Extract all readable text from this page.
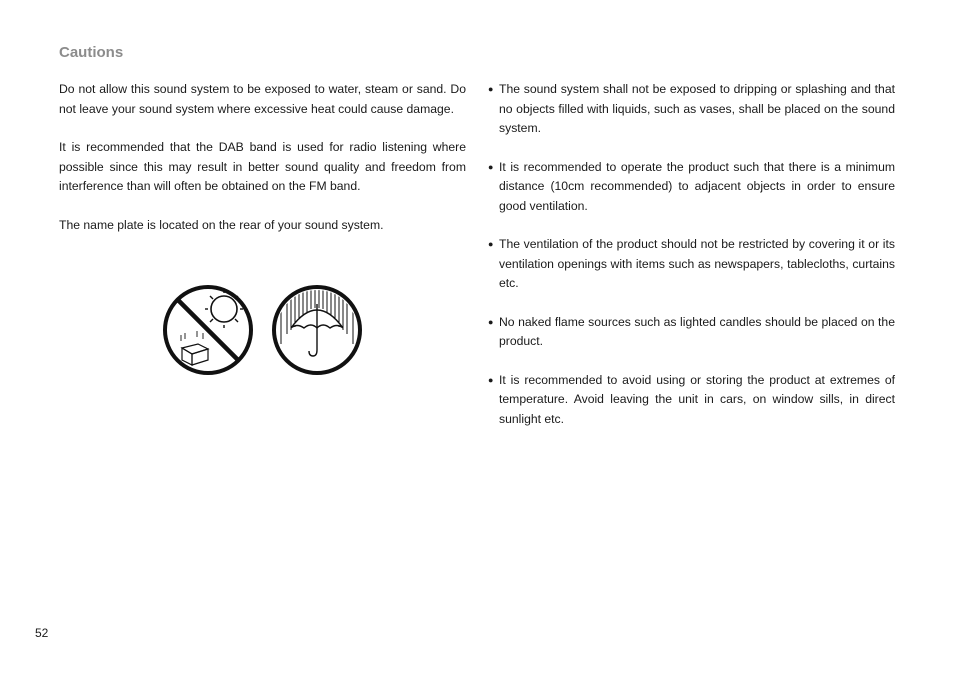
Cautions

Do not allow this sound system to be exposed to water, steam or sand. Do not leave your sound system where excessive heat could cause damage.

It is recommended that the DAB band is used for radio listening where possible since this may result in better sound quality and freedom from interference than will often be obtained on the FM band.

The name plate is located on the rear of your sound system.

● The sound system shall not be exposed to dripping or splashing and that no objects filled with liquids, such as vases, shall be placed on the sound system.
● It is recommended to operate the product such that there is a minimum distance (10cm recommended) to adjacent objects in order to ensure good ventilation.
● The ventilation of the product should not be restricted by covering it or its ventilation openings with items such as newspapers, tablecloths, curtains etc.
● No naked flame sources such as lighted candles should be placed on the product.
● It is recommended to avoid using or storing the product at extremes of temperature. Avoid leaving the unit in cars, on window sills, in direct sunlight etc.
52
